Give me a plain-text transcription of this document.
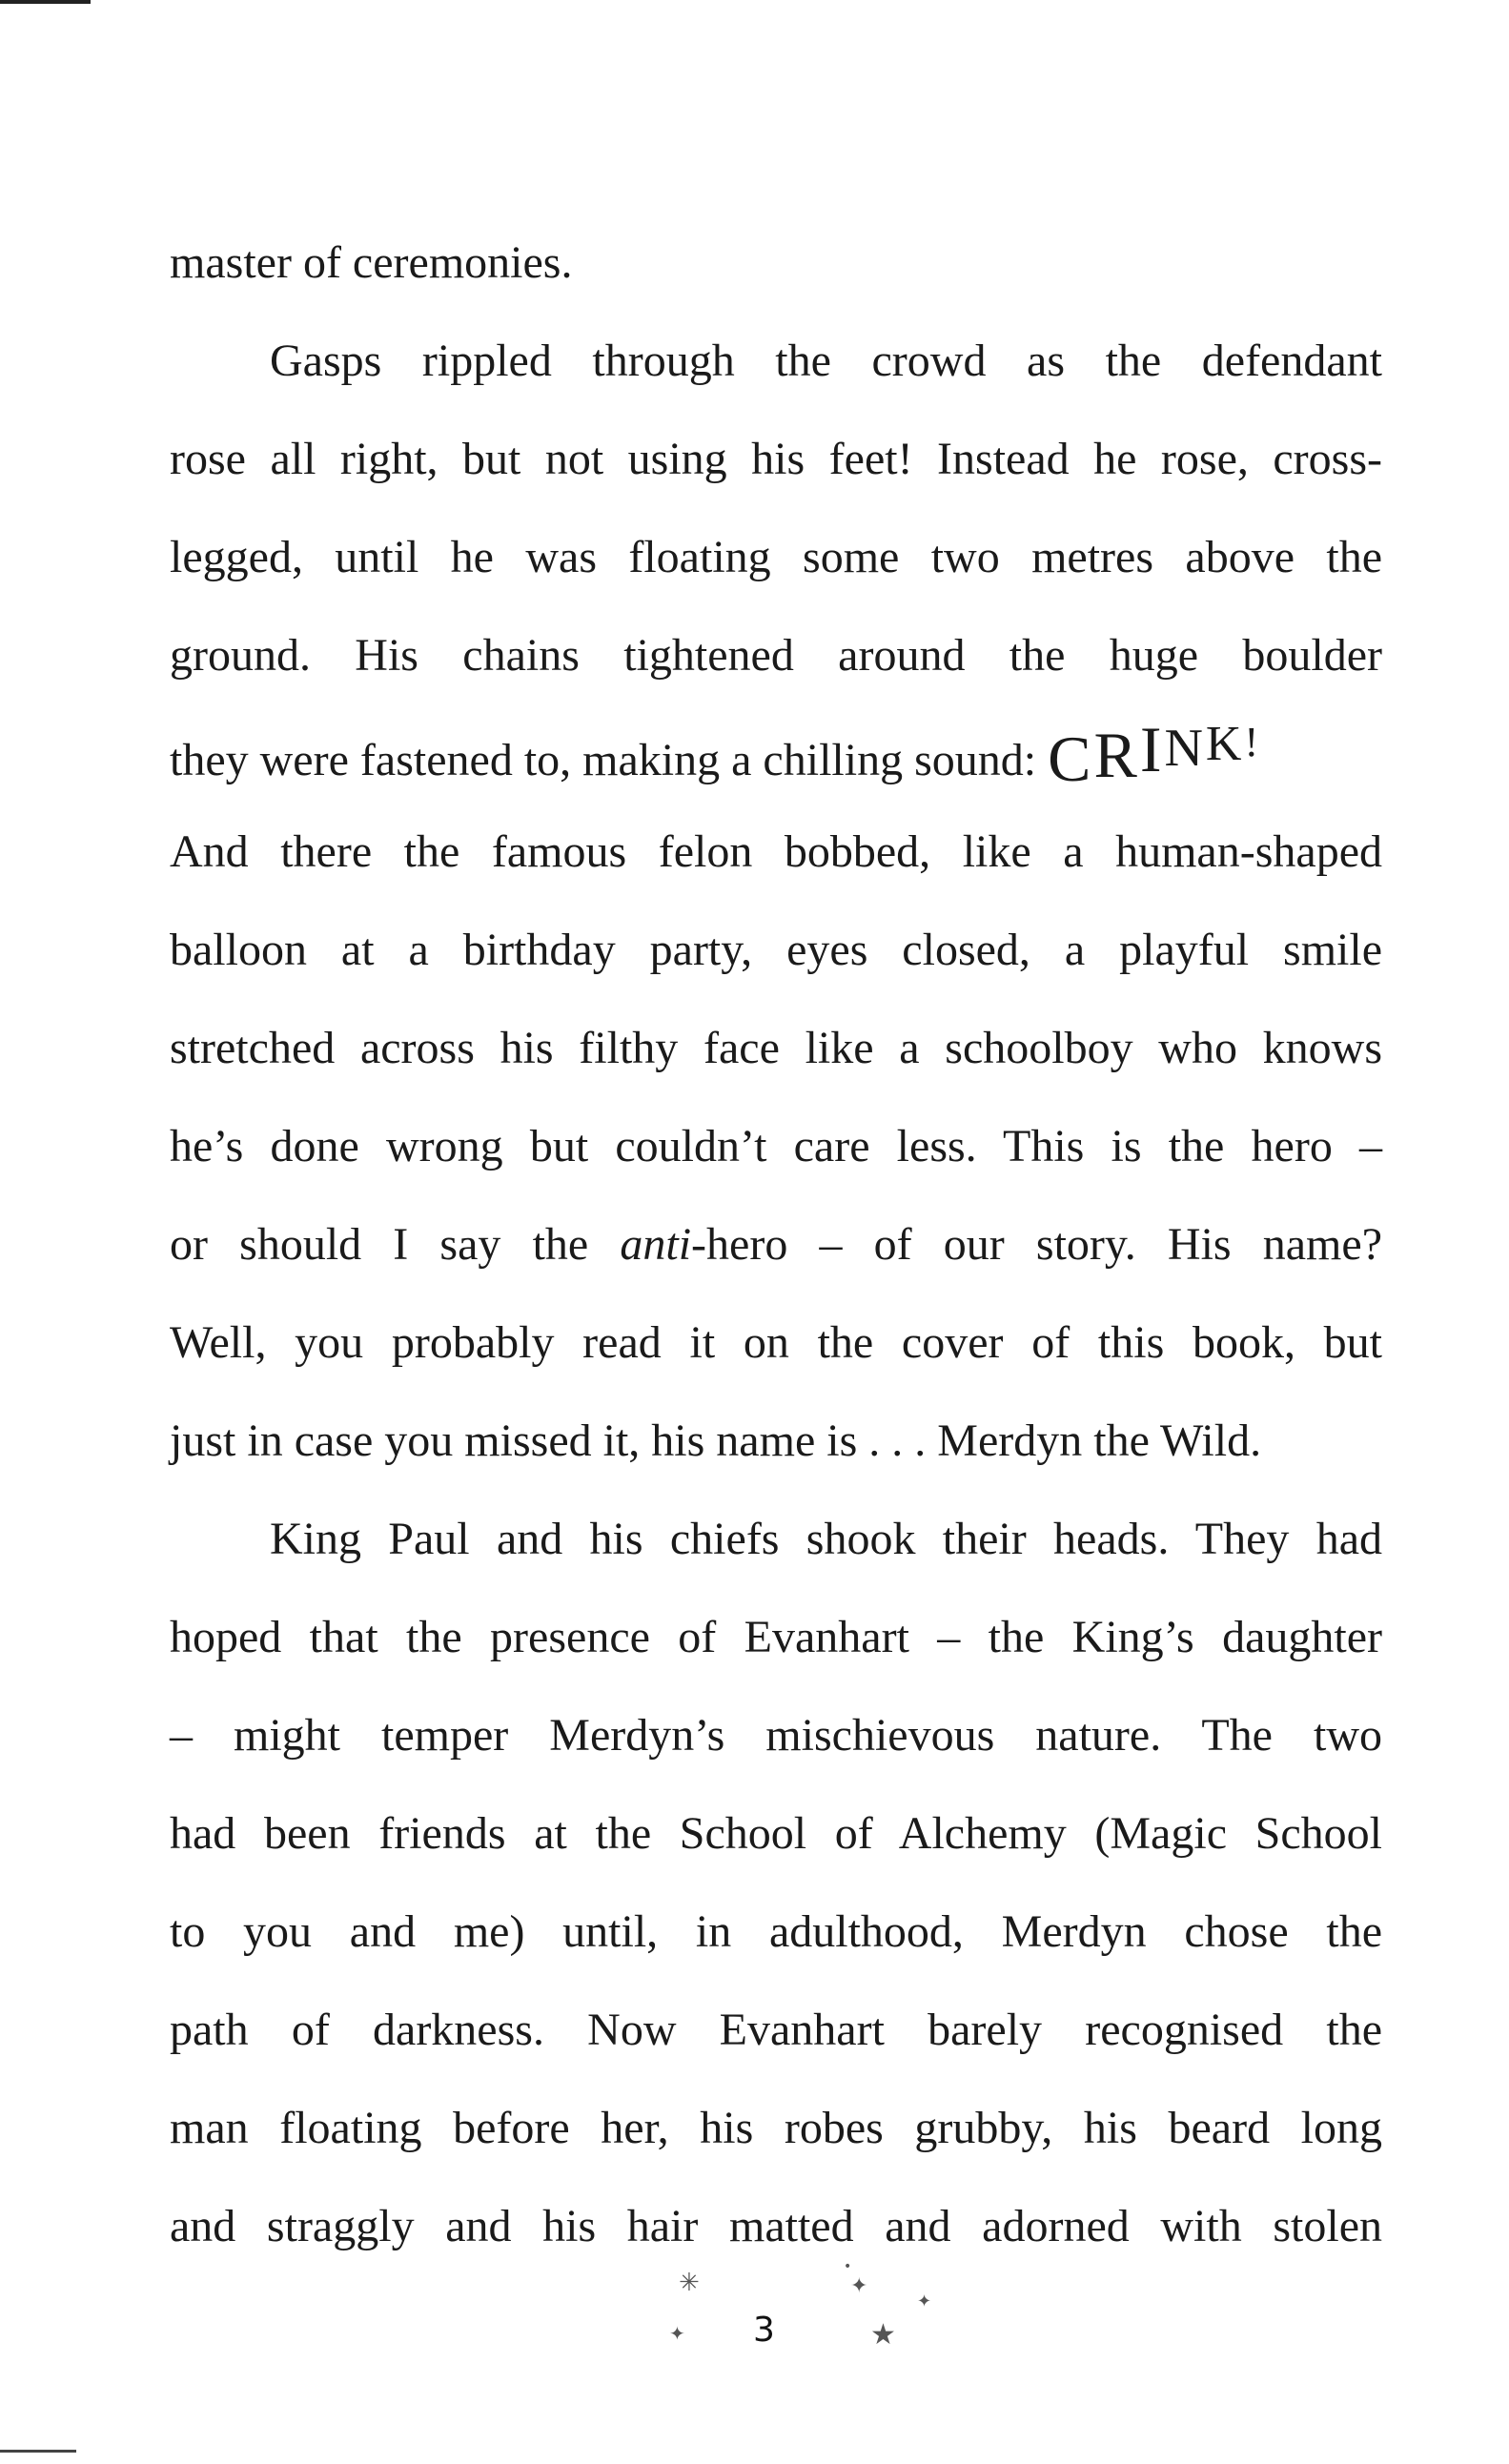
master of ceremonies.
Gasps rippled through the crowd as the defendant
rose all right, but not using his feet! Instead he rose, cross-
legged, until he was floating some two metres above the
ground. His chains tightened around the huge boulder
they were fastened to, making a chilling sound: $CRI^{NK!}$
And there the famous felon bobbed, like a human-shaped
balloon at a birthday party, eyes closed, a playful smile
stretched across his filthy face like a schoolboy who knows
he’s done wrong but couldn’t care less. This is the hero –
or should I say the anti-hero – of our story. His name?
Well, you probably read it on the cover of this book, but
just in case you missed it, his name is . . . Merdyn the Wild.
King Paul and his chiefs shook their heads. They had
hoped that the presence of Evanhart – the King’s daughter
– might temper Merdyn’s mischievous nature. The two
had been friends at the School of Alchemy (Magic School
to you and me) until, in adulthood, Merdyn chose the
path of darkness. Now Evanhart barely recognised the
man floating before her, his robes grubby, his beard long
and straggly and his hair matted and adorned with stolen
✳
•
✦
✦ 3	★
✦
